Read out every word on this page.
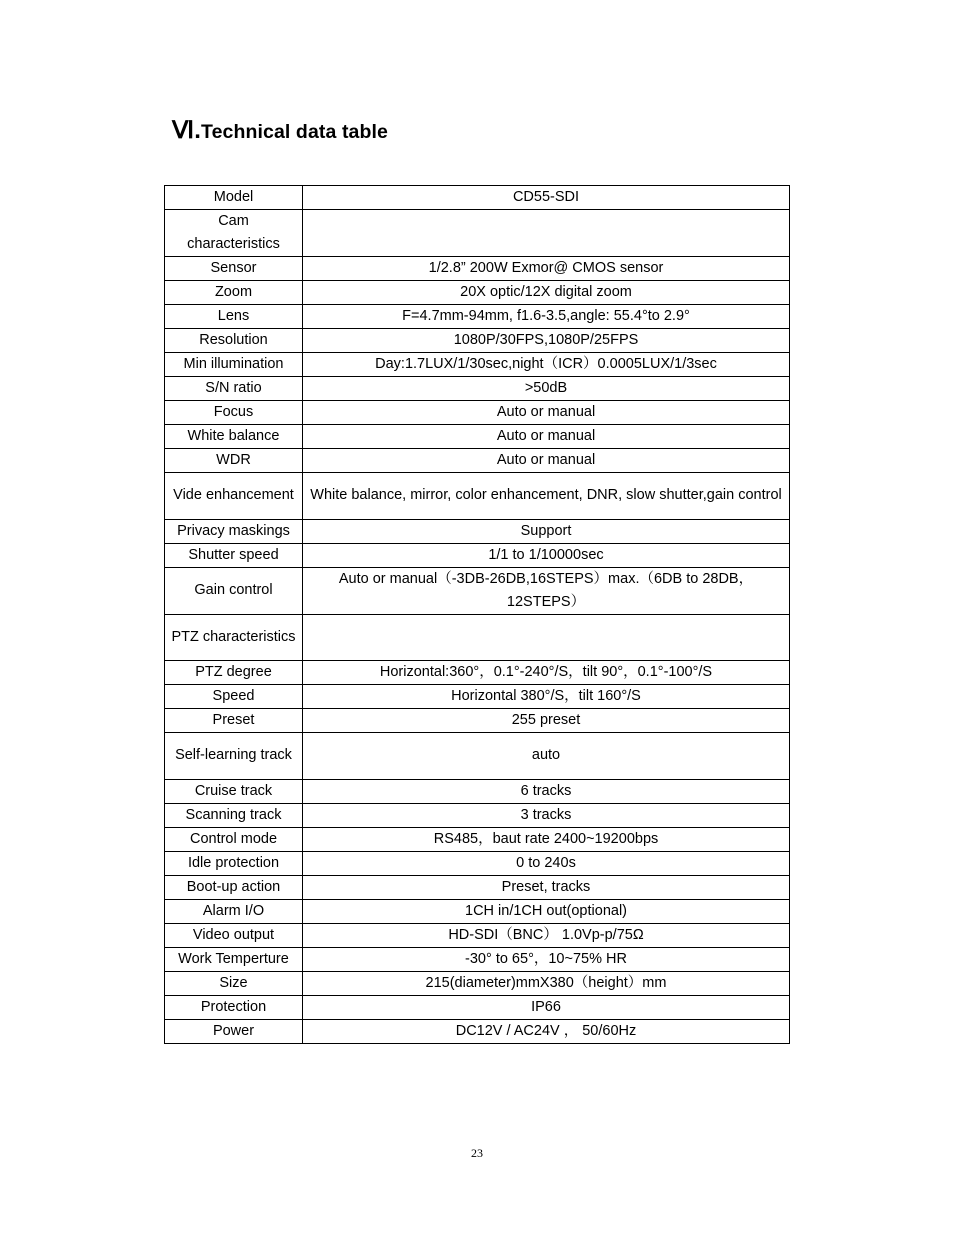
Ⅵ.Technical data table
Model	CD55-SDI
Cam characteristics	
Sensor	1/2.8” 200W Exmor@ CMOS sensor
Zoom	20X optic/12X digital zoom
Lens	F=4.7mm-94mm, f1.6-3.5,angle: 55.4°to 2.9°
Resolution	1080P/30FPS,1080P/25FPS
Min illumination	Day:1.7LUX/1/30sec,night（ICR）0.0005LUX/1/3sec
S/N ratio	>50dB
Focus	Auto or manual
White balance	Auto or manual
WDR	Auto or manual
Vide enhancement	White balance, mirror, color enhancement, DNR, slow shutter,gain control
Privacy maskings	Support
Shutter speed	1/1 to 1/10000sec
Gain control	Auto or manual（-3DB-26DB,16STEPS）max.（6DB to 28DB，12STEPS）
PTZ characteristics	
PTZ degree	Horizontal:360°，0.1°-240°/S，tilt 90°，0.1°-100°/S
Speed	Horizontal 380°/S，tilt 160°/S
Preset	255 preset
Self-learning track	auto
Cruise track	6 tracks
Scanning track	3 tracks
Control mode	RS485，baut rate 2400~19200bps
Idle protection	0 to 240s
Boot-up action	Preset, tracks
Alarm I/O	1CH in/1CH out(optional)
Video output	HD-SDI（BNC） 1.0Vp-p/75Ω
Work Temperture	-30° to 65°，10~75% HR
Size	215(diameter)mmX380（height）mm
Protection	IP66
Power	DC12V / AC24V ， 50/60Hz
23
